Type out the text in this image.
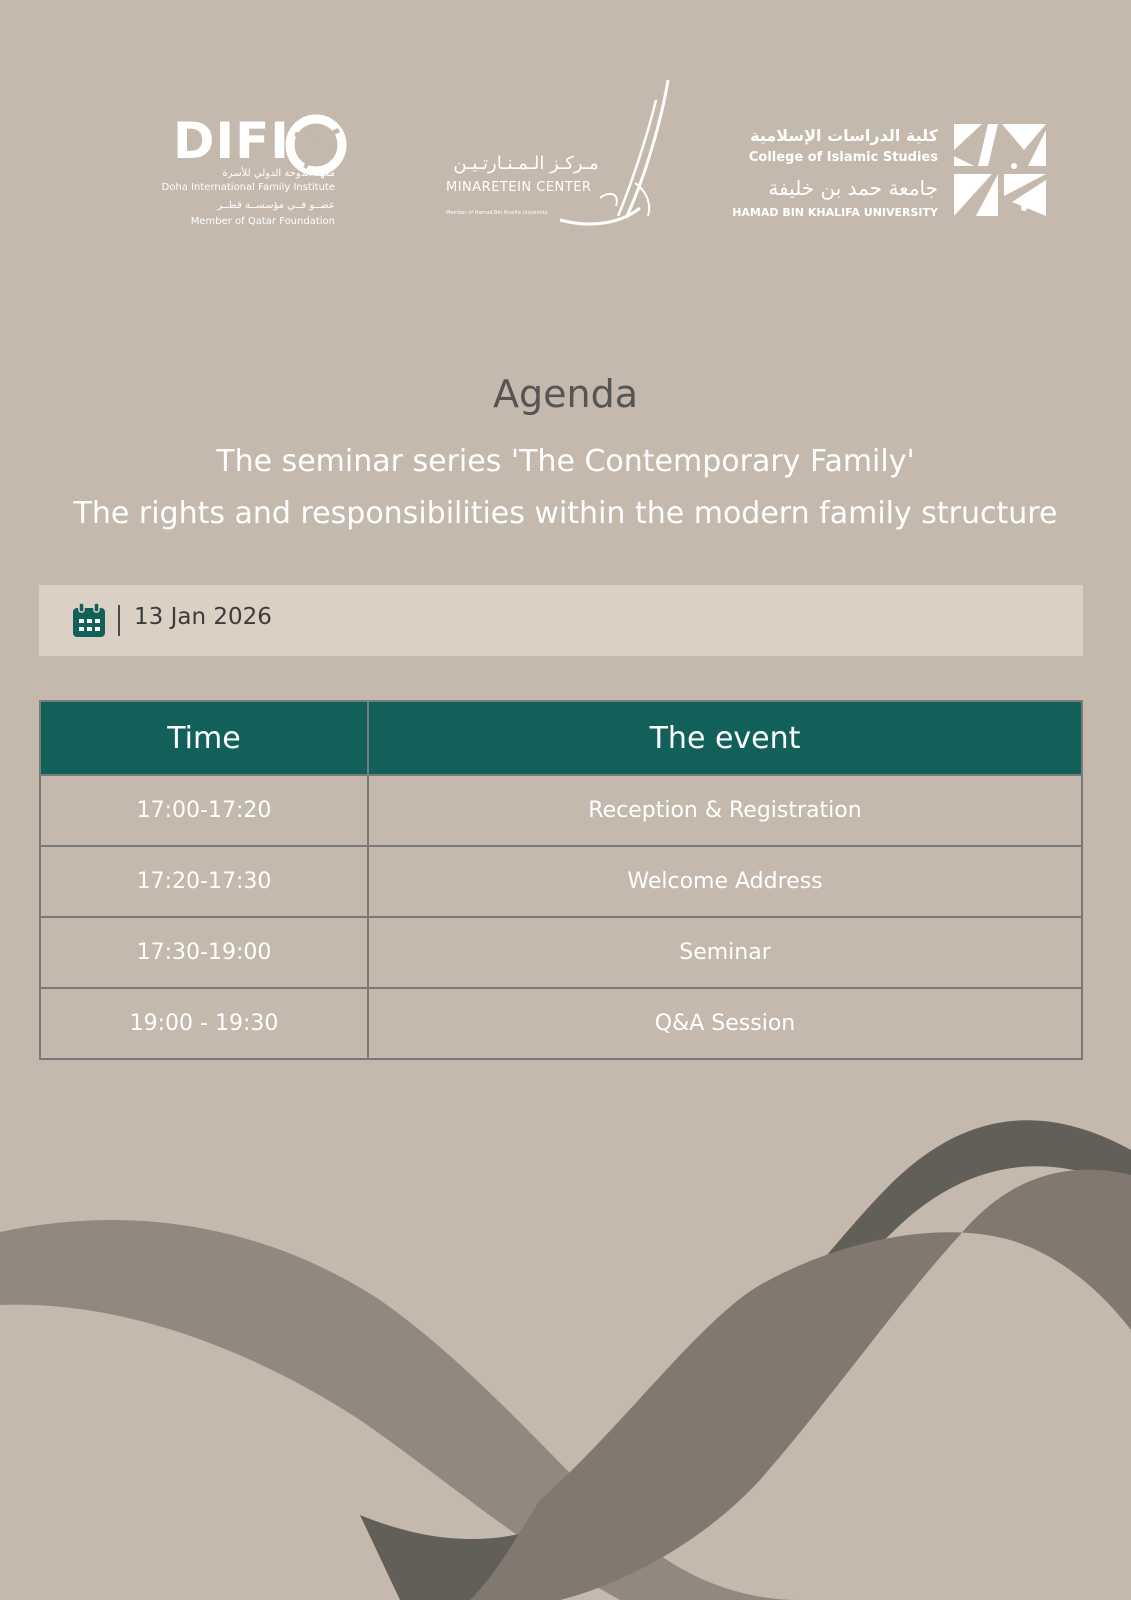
DIFI
معهد الدوحة الدولي للأسرة
Doha International Family Institute
عضــو فــي مؤسســة قطــر
Member of Qatar Foundation
مـركـز الـمـنـارتـيـن
MINARETEIN CENTER
Member of Hamad Bin Khalifa University
كلية الدراسات الإسلامية
College of Islamic Studies
جامعة حمد بن خليفة
HAMAD BIN KHALIFA UNIVERSITY
Agenda
The seminar series 'The Contemporary Family'
The rights and responsibilities within the modern family structure
13 Jan 2026
Time	The event
17:00-17:20	Reception & Registration
17:20-17:30	Welcome Address
17:30-19:00	Seminar
19:00 - 19:30	Q&A Session
